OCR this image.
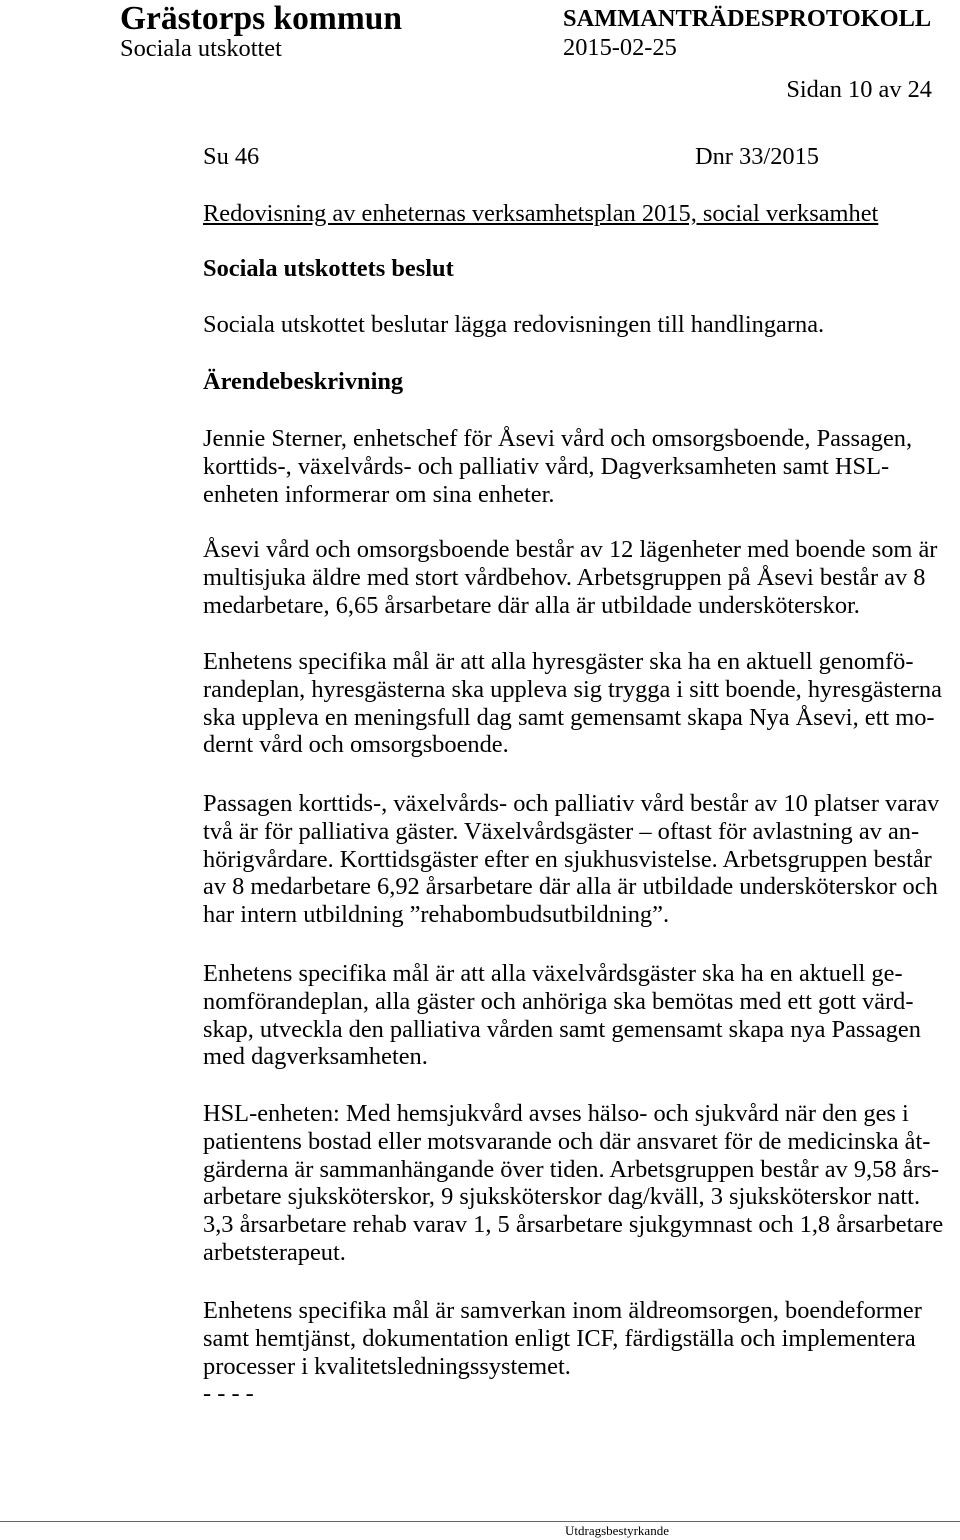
Grästorps kommun
Sociala utskottet
SAMMANTRÄDESPROTOKOLL
2015-02-25
Sidan 10 av 24
Su 46	Dnr 33/2015
Redovisning av enheternas verksamhetsplan 2015, social verksamhet
Sociala utskottets beslut
Sociala utskottet beslutar lägga redovisningen till handlingarna.
Ärendebeskrivning
Jennie Sterner, enhetschef för Åsevi vård och omsorgsboende, Passagen,
korttids-, växelvårds- och palliativ vård, Dagverksamheten samt HSL-
enheten informerar om sina enheter.
Åsevi vård och omsorgsboende består av 12 lägenheter med boende som är
multisjuka äldre med stort vårdbehov. Arbetsgruppen på Åsevi består av 8
medarbetare, 6,65 årsarbetare där alla är utbildade undersköterskor.
Enhetens specifika mål är att alla hyresgäster ska ha en aktuell genomfö-
randeplan, hyresgästerna ska uppleva sig trygga i sitt boende, hyresgästerna
ska uppleva en meningsfull dag samt gemensamt skapa Nya Åsevi, ett mo-
dernt vård och omsorgsboende.
Passagen korttids-, växelvårds- och palliativ vård består av 10 platser varav
två är för palliativa gäster. Växelvårdsgäster – oftast för avlastning av an-
hörigvårdare. Korttidsgäster efter en sjukhusvistelse. Arbetsgruppen består
av 8 medarbetare 6,92 årsarbetare där alla är utbildade undersköterskor och
har intern utbildning ”rehabombudsutbildning”.
Enhetens specifika mål är att alla växelvårdsgäster ska ha en aktuell ge-
nomförandeplan, alla gäster och anhöriga ska bemötas med ett gott värd-
skap, utveckla den palliativa vården samt gemensamt skapa nya Passagen
med dagverksamheten.
HSL-enheten: Med hemsjukvård avses hälso- och sjukvård när den ges i
patientens bostad eller motsvarande och där ansvaret för de medicinska åt-
gärderna är sammanhängande över tiden. Arbetsgruppen består av 9,58 års-
arbetare sjuksköterskor, 9 sjuksköterskor dag/kväll, 3 sjuksköterskor natt.
3,3 årsarbetare rehab varav 1, 5 årsarbetare sjukgymnast och 1,8 årsarbetare
arbetsterapeut.
Enhetens specifika mål är samverkan inom äldreomsorgen, boendeformer
samt hemtjänst, dokumentation enligt ICF, färdigställa och implementera
processer i kvalitetsledningssystemet.
- - - -
Utdragsbestyrkande
